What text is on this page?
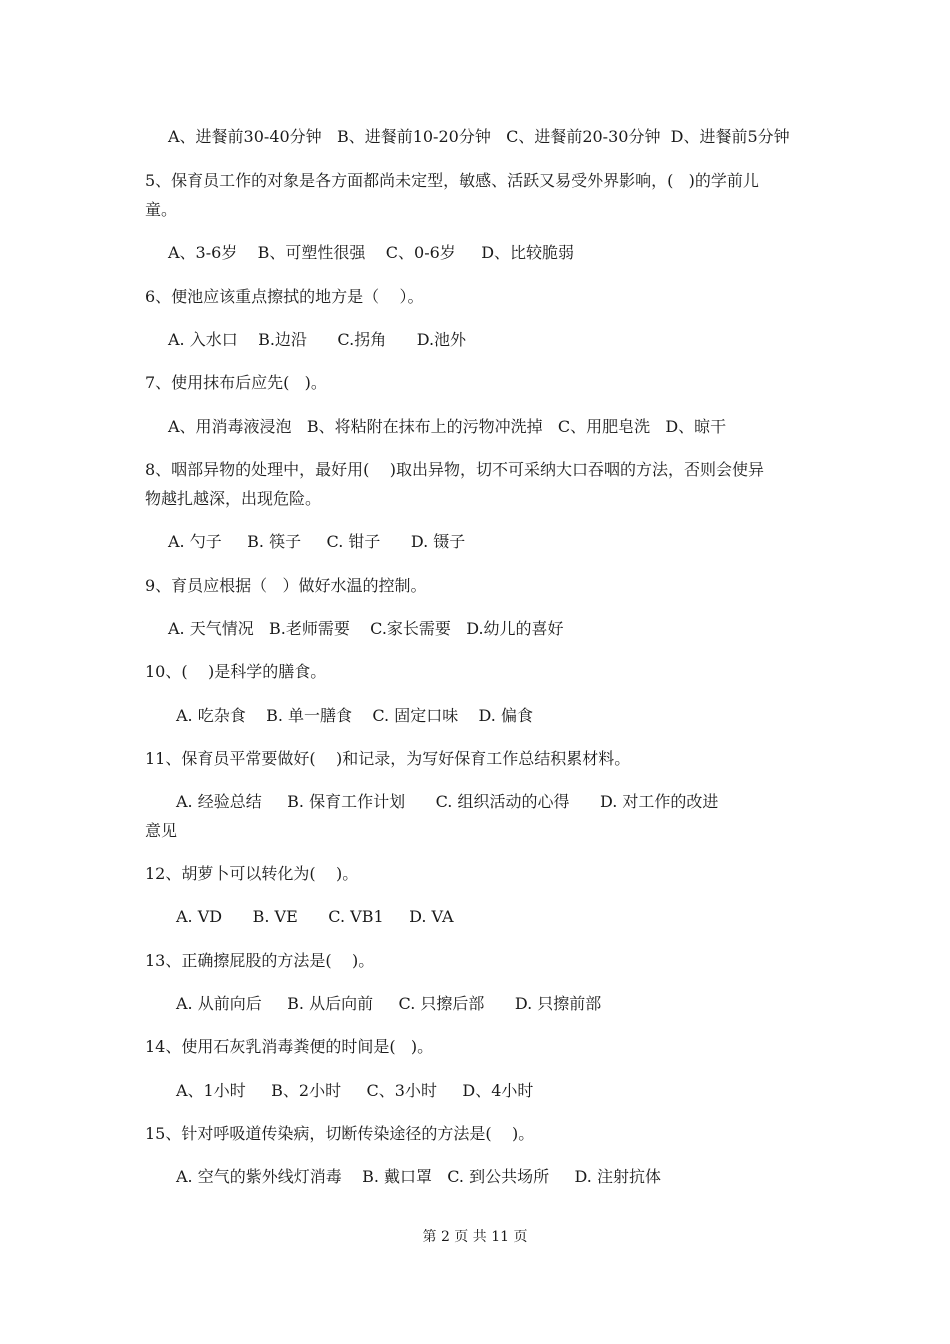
A、进餐前30-40分钟   B、进餐前10-20分钟   C、进餐前20-30分钟  D、进餐前5分钟
5、保育员工作的对象是各方面都尚未定型，敏感、活跃又易受外界影响，(   )的学前儿
童。
A、3-6岁    B、可塑性很强    C、0-6岁     D、比较脆弱
6、便池应该重点擦拭的地方是（    ）。
A. 入水口    B.边沿      C.拐角      D.池外
7、使用抹布后应先(   )。
A、用消毒液浸泡   B、将粘附在抹布上的污物冲洗掉   C、用肥皂洗   D、晾干
8、咽部异物的处理中，最好用(    )取出异物，切不可采纳大口吞咽的方法，否则会使异
物越扎越深，出现危险。
A. 勺子     B. 筷子     C. 钳子      D. 镊子
9、育员应根据（   ）做好水温的控制。
A. 天气情况   B.老师需要    C.家长需要   D.幼儿的喜好
10、(    )是科学的膳食。
A. 吃杂食    B. 单一膳食    C. 固定口味    D. 偏食
11、保育员平常要做好(    )和记录，为写好保育工作总结积累材料。
A. 经验总结     B. 保育工作计划      C. 组织活动的心得      D. 对工作的改进
意见
12、胡萝卜可以转化为(    )。
A. VD      B. VE      C. VB1     D. VA
13、正确擦屁股的方法是(    )。
A. 从前向后     B. 从后向前     C. 只擦后部      D. 只擦前部
14、使用石灰乳消毒粪便的时间是(   )。
A、1小时     B、2小时     C、3小时     D、4小时
15、针对呼吸道传染病，切断传染途径的方法是(    )。
A. 空气的紫外线灯消毒    B. 戴口罩   C. 到公共场所     D. 注射抗体
第 2 页 共 11 页
